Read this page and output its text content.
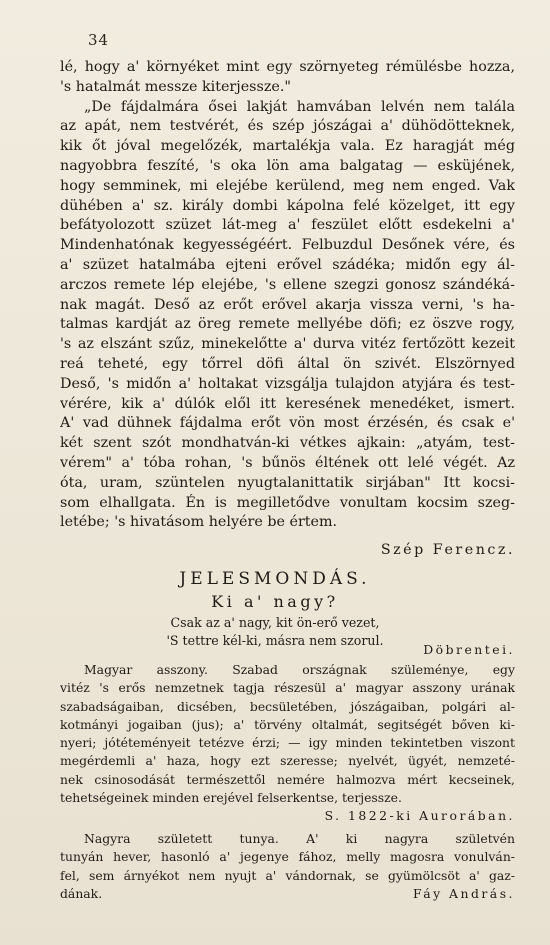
34
lé, hogy a' környéket mint egy szörnyeteg rémülésbe hozza,
's hatalmát messze kiterjessze."
„De fájdalmára ősei lakját hamvában lelvén nem talála
az apát, nem testvérét, és szép jószágai a' dühödötteknek,
kik őt jóval megelőzék, martalékja vala. Ez haragját még
nagyobbra feszíté, 's oka lön ama balgatag — esküjének,
hogy semminek, mi elejébe kerülend, meg nem enged. Vak
dühében a' sz. király dombi kápolna felé közelget, itt egy
befátyolozott szüzet lát-meg a' feszület előtt esdekelni a'
Mindenhatónak kegyességéért. Felbuzdul Desőnek vére, és
a' szüzet hatalmába ejteni erővel szádéka; midőn egy ál-
arczos remete lép elejébe, 's ellene szegzi gonosz szándéká-
nak magát. Deső az erőt erővel akarja vissza verni, 's ha-
talmas kardját az öreg remete mellyébe döfi; ez öszve rogy,
's az elszánt szűz, minekelőtte a' durva vitéz fertőzött kezeit
reá teheté, egy tőrrel döfi által ön szivét. Elszörnyed
Deső, 's midőn a' holtakat vizsgálja tulajdon atyjára és test-
vérére, kik a' dúlók elől itt keresének menedéket, ismert.
A' vad dühnek fájdalma erőt vön most érzésén, és csak e'
két szent szót mondhatván-ki vétkes ajkain: „atyám, test-
vérem" a' tóba rohan, 's bűnös éltének ott lelé végét. Az
óta, uram, szüntelen nyugtalanittatik sirjában" Itt kocsi-
som elhallgata. Én is megilletődve vonultam kocsim szeg-
letébe; 's hivatásom helyére be értem.
Szép Ferencz.
JELESMONDÁS.
Ki a' nagy?
Csak az a' nagy, kit ön-erő vezet,
'S tettre kél-ki, másra nem szorul.
Döbrentei.
Magyar asszony. Szabad országnak szüleménye, egy
vitéz 's erős nemzetnek tagja részesül a' magyar asszony urának
szabadságaiban, dicsében, becsületében, jószágaiban, polgári al-
kotmányi jogaiban (jus); a' törvény oltalmát, segitségét bőven ki-
nyeri; jótéteményeit tetézve érzi; — igy minden tekintetben viszont
megérdemli a' haza, hogy ezt szeresse; nyelvét, ügyét, nemzeté-
nek csinosodását természettől nemére halmozva mért kecseinek,
tehetségeinek minden erejével felserkentse, terjessze.
S. 1822-ki Aurorában.
Nagyra született tunya. A' ki nagyra születvén
tunyán hever, hasonló a' jegenye fához, melly magosra vonulván-
fel, sem árnyékot nem nyujt a' vándornak, se gyümölcsöt a' gaz-
dának.	Fáy András.
